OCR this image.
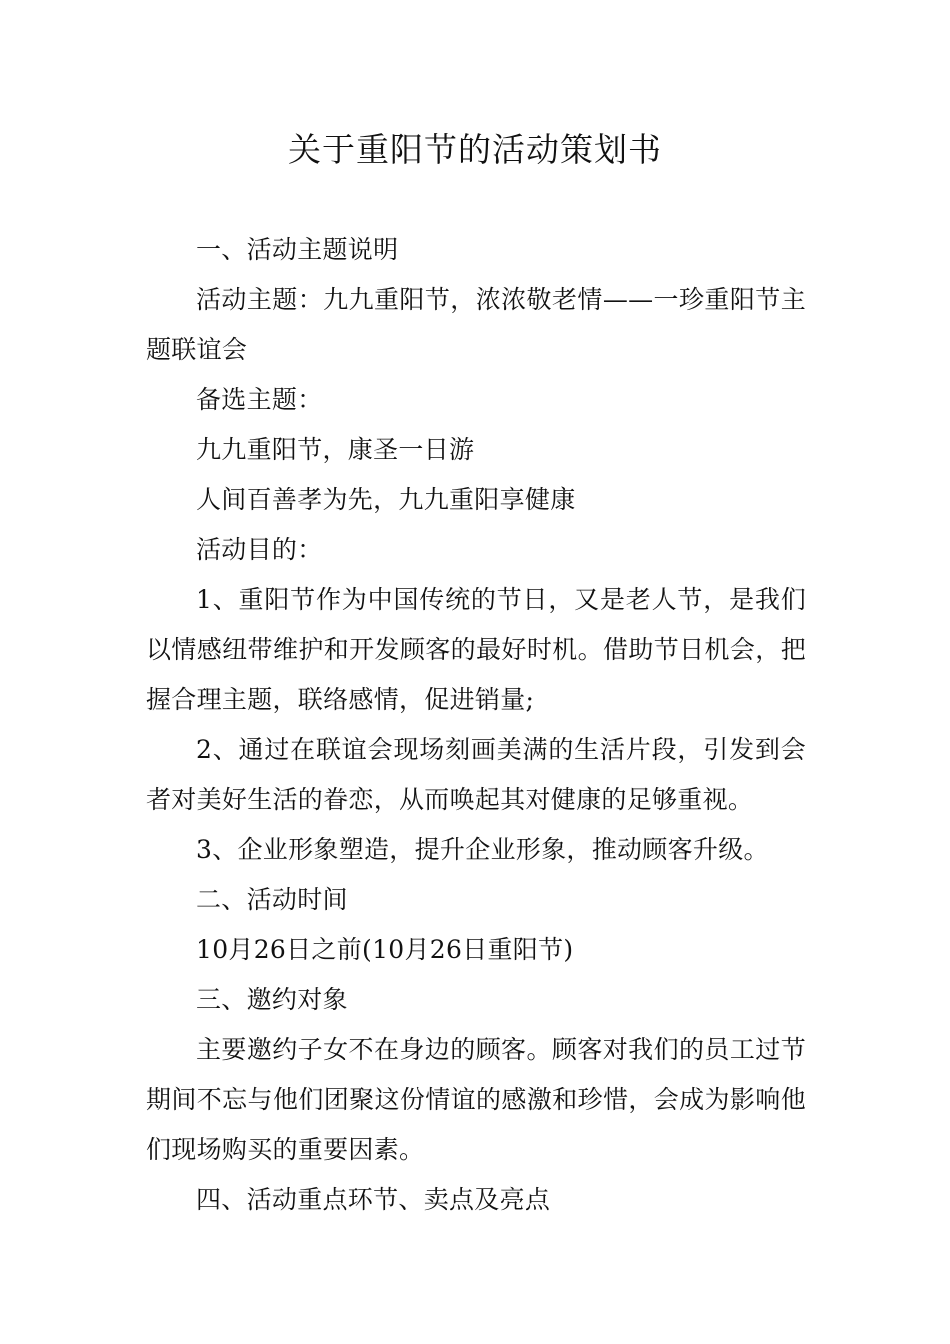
关于重阳节的活动策划书

一、活动主题说明

活动主题：九九重阳节，浓浓敬老情——一珍重阳节主题联谊会

备选主题：

九九重阳节，康圣一日游

人间百善孝为先，九九重阳享健康

活动目的：

1、重阳节作为中国传统的节日，又是老人节，是我们以情感纽带维护和开发顾客的最好时机。借助节日机会，把握合理主题，联络感情，促进销量;

2、通过在联谊会现场刻画美满的生活片段，引发到会者对美好生活的眷恋，从而唤起其对健康的足够重视。

3、企业形象塑造，提升企业形象，推动顾客升级。

二、活动时间

10月26日之前(10月26日重阳节)

三、邀约对象

主要邀约子女不在身边的顾客。顾客对我们的员工过节期间不忘与他们团聚这份情谊的感激和珍惜，会成为影响他们现场购买的重要因素。

四、活动重点环节、卖点及亮点
